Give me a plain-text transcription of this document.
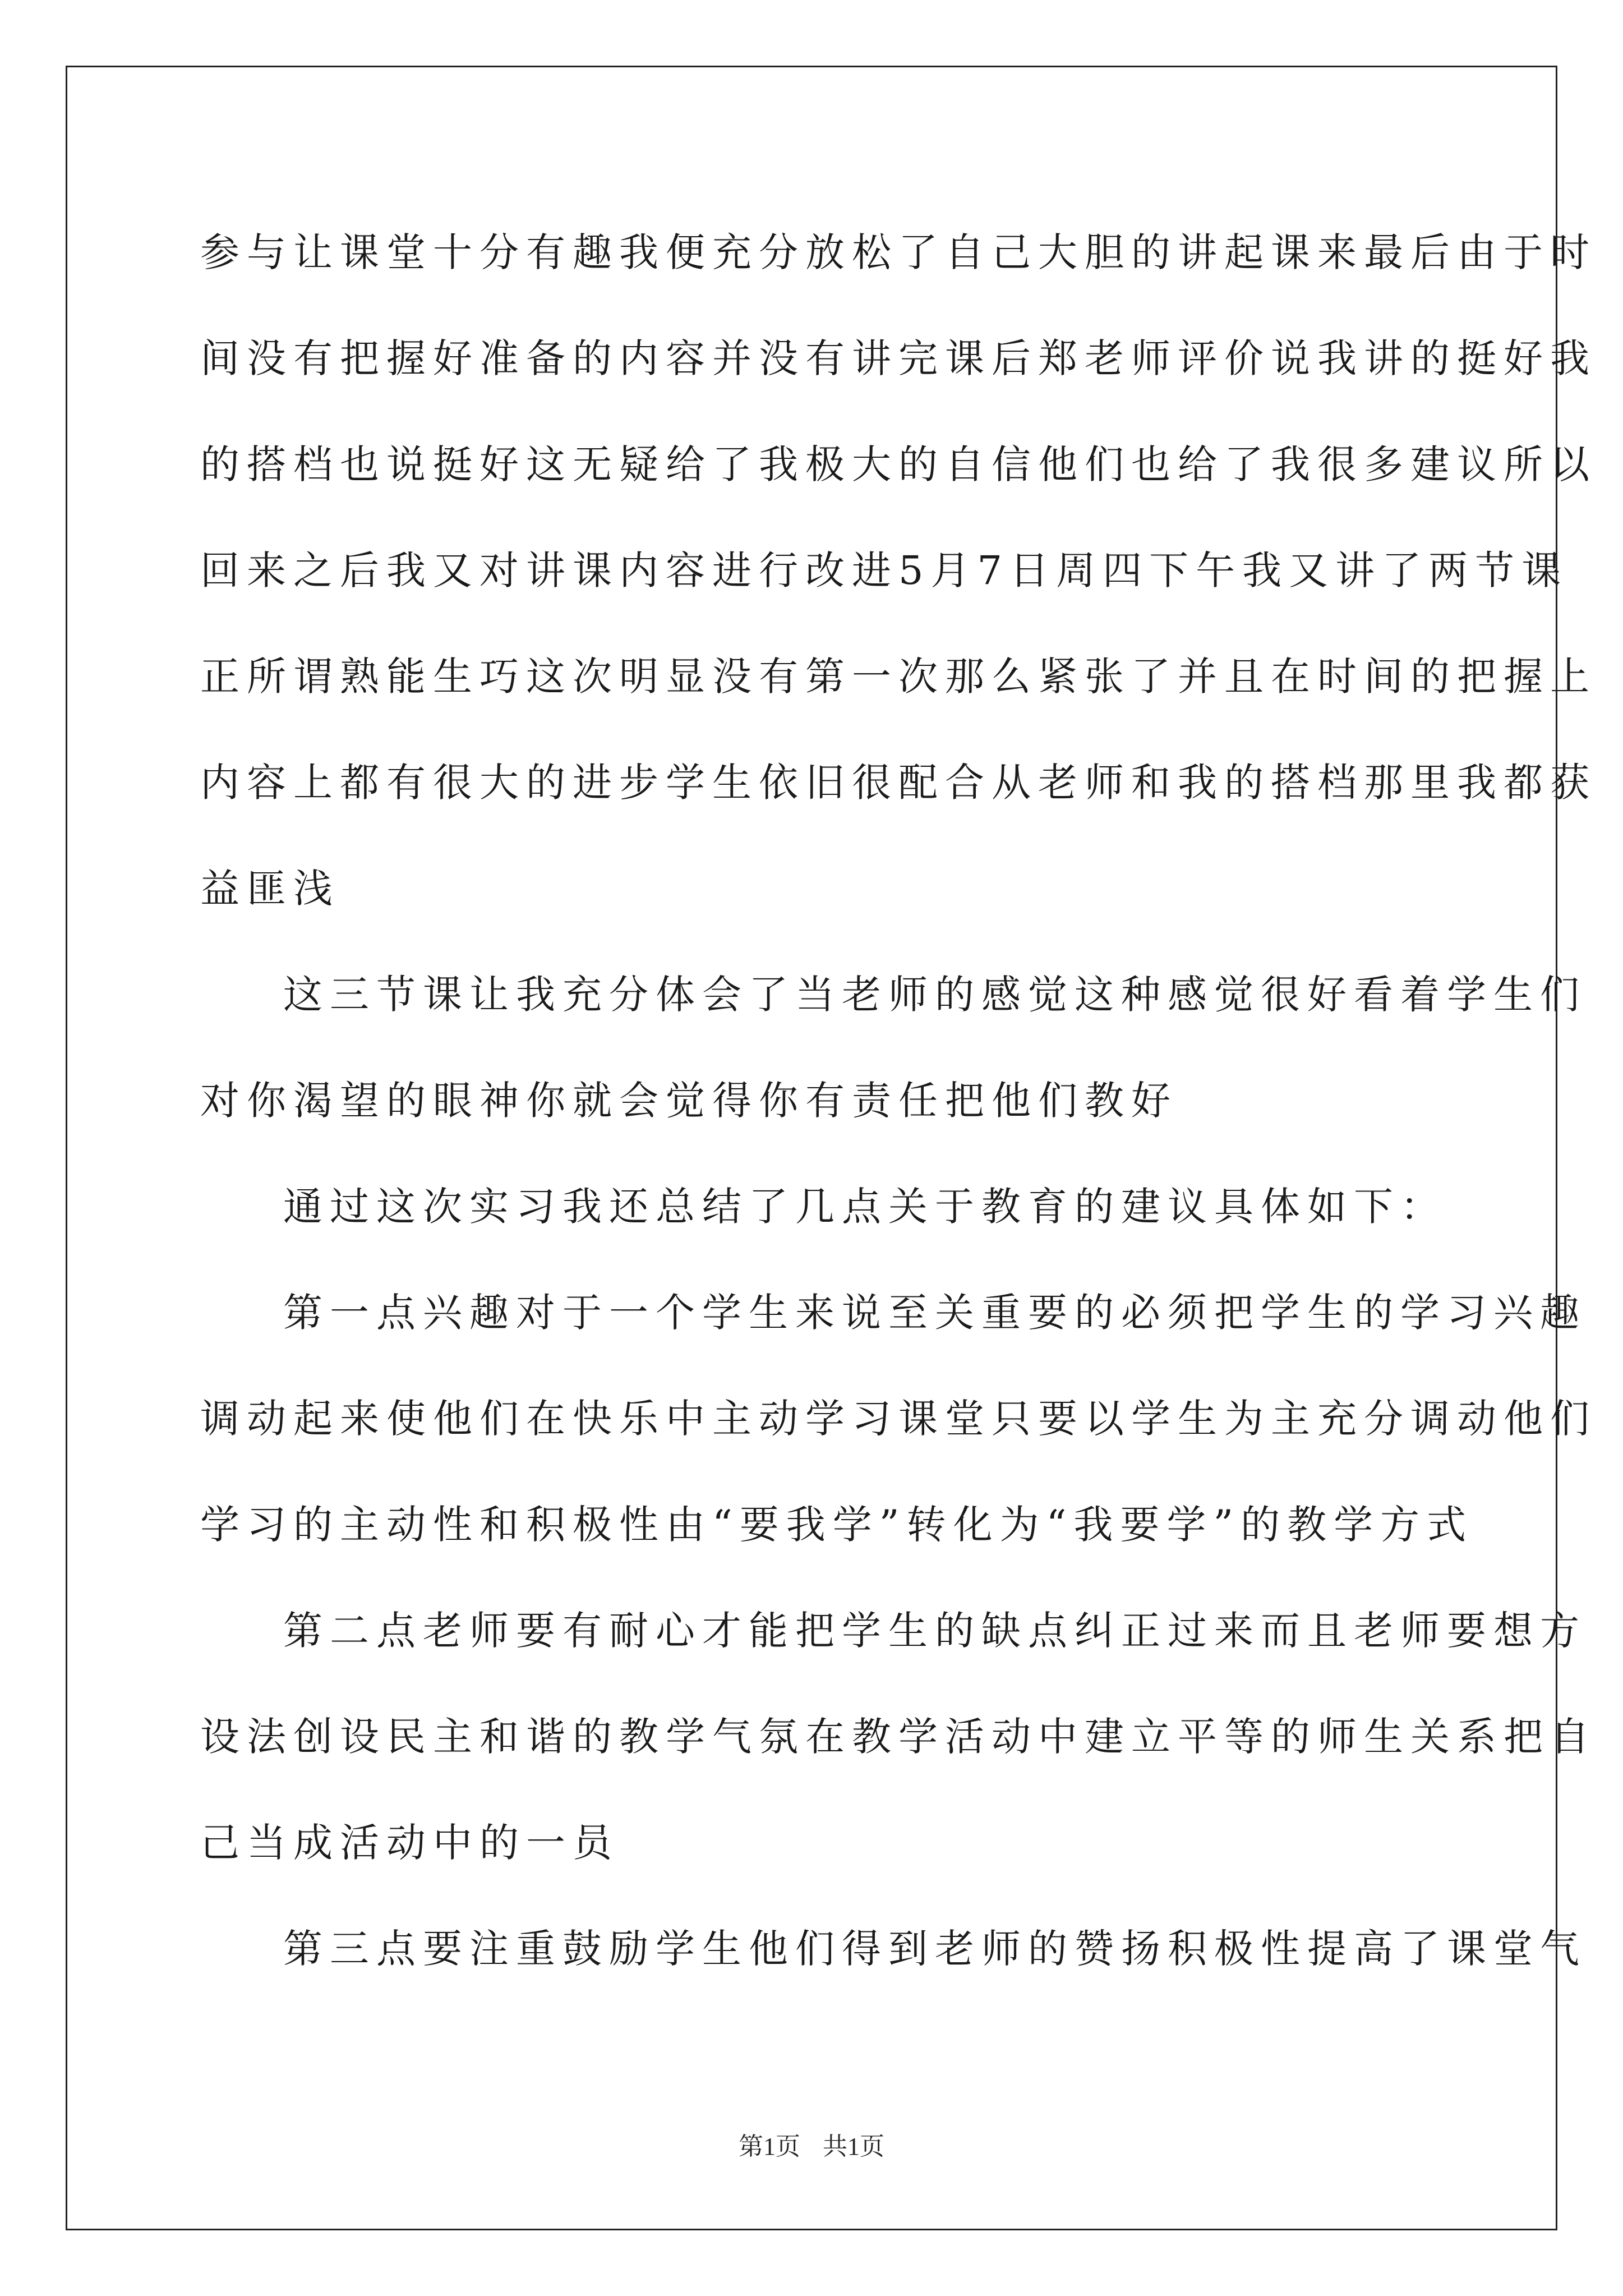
参与让课堂十分有趣我便充分放松了自己大胆的讲起课来最后由于时
间没有把握好准备的内容并没有讲完课后郑老师评价说我讲的挺好我
的搭档也说挺好这无疑给了我极大的自信他们也给了我很多建议所以
回来之后我又对讲课内容进行改进5月7日周四下午我又讲了两节课
正所谓熟能生巧这次明显没有第一次那么紧张了并且在时间的把握上
内容上都有很大的进步学生依旧很配合从老师和我的搭档那里我都获
益匪浅
这三节课让我充分体会了当老师的感觉这种感觉很好看着学生们
对你渴望的眼神你就会觉得你有责任把他们教好
通过这次实习我还总结了几点关于教育的建议具体如下：
第一点兴趣对于一个学生来说至关重要的必须把学生的学习兴趣
调动起来使他们在快乐中主动学习课堂只要以学生为主充分调动他们
学习的主动性和积极性由“要我学”转化为“我要学”的教学方式
第二点老师要有耐心才能把学生的缺点纠正过来而且老师要想方
设法创设民主和谐的教学气氛在教学活动中建立平等的师生关系把自
己当成活动中的一员
第三点要注重鼓励学生他们得到老师的赞扬积极性提高了课堂气
第1页 共1页
